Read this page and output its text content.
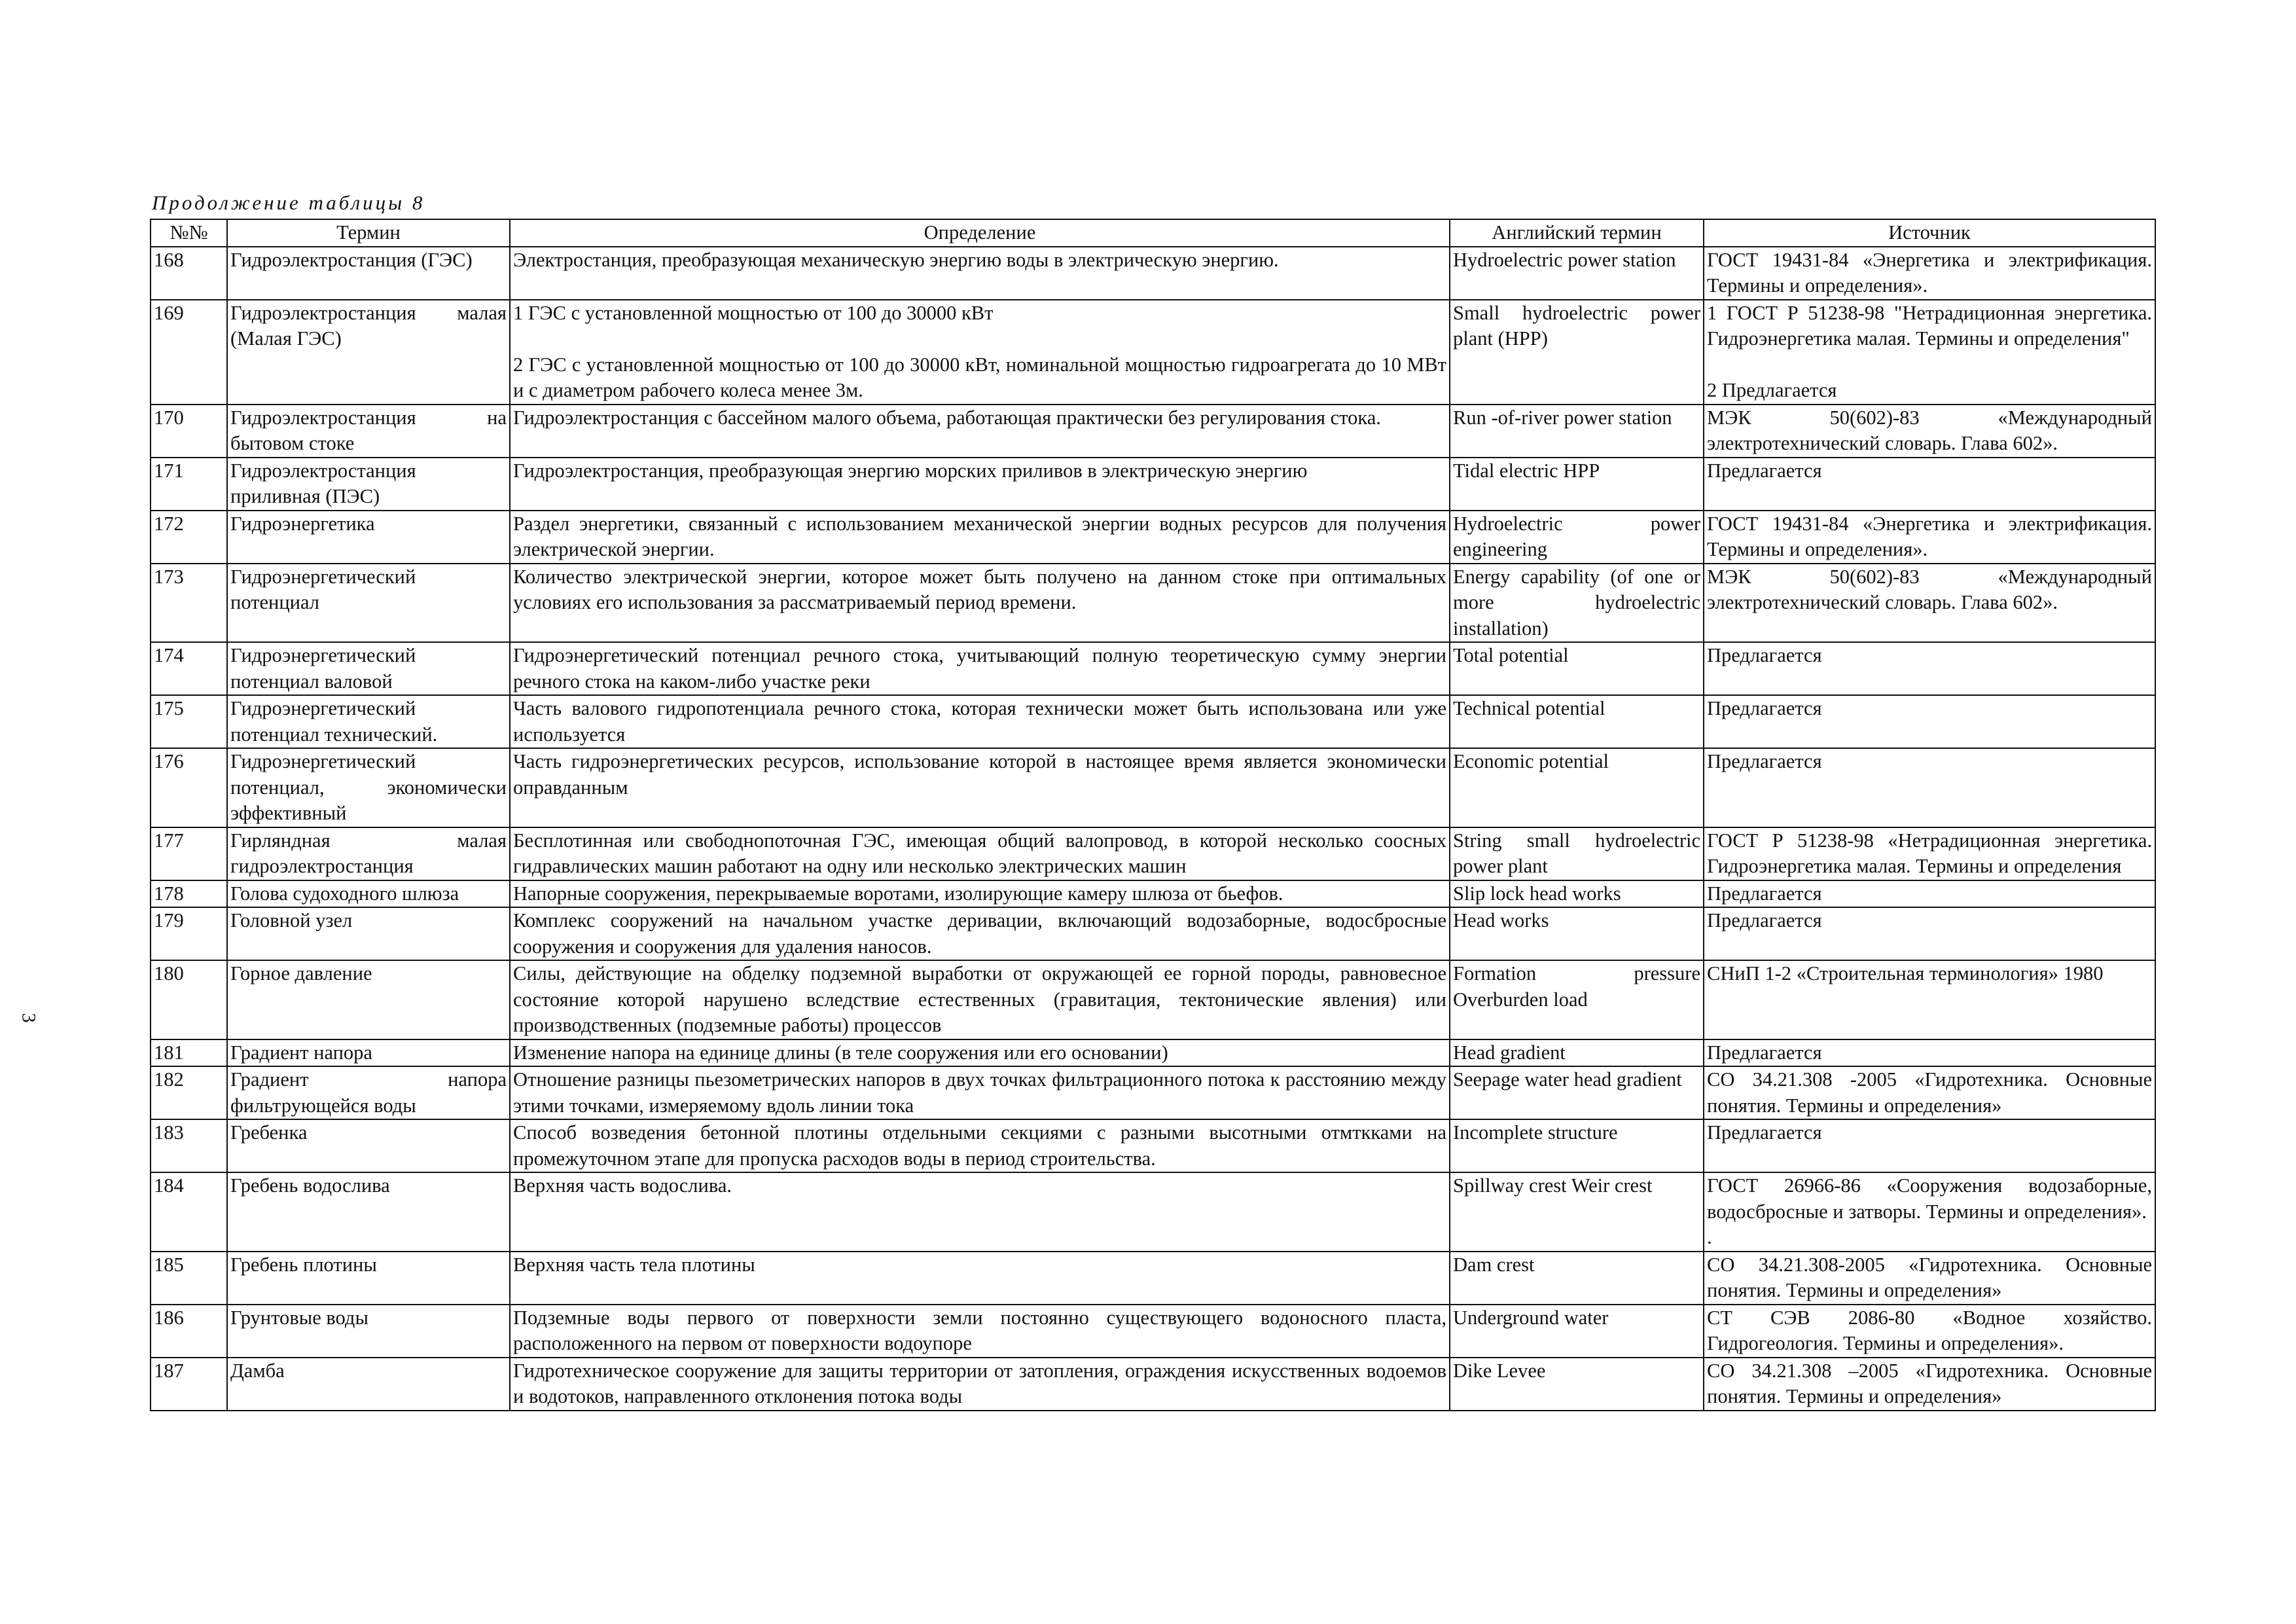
Продолжение таблицы 8
3
№№	Термин	Определение	Английский термин	Источник
168	Гидроэлектростанция (ГЭС)	Электростанция, преобразующая механическую энергию воды в электрическую энергию.	Hydroelectric power station	ГОСТ 19431-84 «Энергетика и электрификация. Термины и определения».
169	Гидроэлектростанция малая (Малая ГЭС)	1 ГЭС с установленной мощностью от 100 до 30000 кВт

2 ГЭС с установленной мощностью от 100 до 30000 кВт, номинальной мощностью гидроагрегата до 10 МВт и с диаметром рабочего колеса менее 3м.	Small hydroelectric power plant (HPP)	1 ГОСТ Р 51238-98 "Нетрадиционная энергетика. Гидроэнергетика малая. Термины и определения"

2 Предлагается
170	Гидроэлектростанция на бытовом стоке	Гидроэлектростанция с бассейном малого объема, работающая практически без регулирования стока.	Run -of-river power station	МЭК 50(602)-83 «Международный электротехнический словарь. Глава 602».
171	Гидроэлектростанция приливная (ПЭС)	Гидроэлектростанция, преобразующая энергию морских приливов в электрическую энергию	Tidal electric HPP	Предлагается
172	Гидроэнергетика	Раздел энергетики, связанный с использованием механической энергии водных ресурсов для получения электрической энергии.	Hydroelectric power engineering	ГОСТ 19431-84 «Энергетика и электрификация. Термины и определения».
173	Гидроэнергетический потенциал	Количество электрической энергии, которое может быть получено на данном стоке при оптимальных условиях его использования за рассматриваемый период времени.	Energy capability (of one or more hydroelectric installation)	МЭК 50(602)-83 «Международный электротехнический словарь. Глава 602».
174	Гидроэнергетический потенциал валовой	Гидроэнергетический потенциал речного стока, учитывающий полную теоретическую сумму энергии речного стока на каком-либо участке реки	Total potential	Предлагается
175	Гидроэнергетический потенциал технический.	Часть валового гидропотенциала речного стока, которая технически может быть использована или уже используется	Technical potential	Предлагается
176	Гидроэнергетический потенциал, экономически эффективный	Часть гидроэнергетических ресурсов, использование которой в настоящее время является экономически оправданным	Economic potential	Предлагается
177	Гирляндная малая гидроэлектростанция	Бесплотинная или свободнопоточная ГЭС, имеющая общий валопровод, в которой несколько соосных гидравлических машин работают на одну или несколько электрических машин	String small hydroelectric power plant	ГОСТ Р 51238-98 «Нетрадиционная энергетика. Гидроэнергетика малая. Термины и определения
178	Голова судоходного шлюза	Напорные сооружения, перекрываемые воротами, изолирующие камеру шлюза от бьефов.	Slip lock head works	Предлагается
179	Головной узел	Комплекс сооружений на начальном участке деривации, включающий водозаборные, водосбросные сооружения и сооружения для удаления наносов.	Head works	Предлагается
180	Горное давление	Силы, действующие на обделку подземной выработки от окружающей ее горной породы, равновесное состояние которой нарушено вследствие естественных (гравитация, тектонические явления) или производственных (подземные работы) процессов	Formation pressure Overburden load	СНиП 1-2 «Строительная терминология» 1980
181	Градиент напора	Изменение напора на единице длины (в теле сооружения или его основании)	Head gradient	Предлагается
182	Градиент напора фильтрующейся воды	Отношение разницы пьезометрических напоров в двух точках фильтрационного потока к расстоянию между этими точками, измеряемому вдоль линии тока	Seepage water head gradient	СО 34.21.308 -2005 «Гидротехника. Основные понятия. Термины и определения»
183	Гребенка	Способ возведения бетонной плотины отдельными секциями с разными высотными отмткками на промежуточном этапе для пропуска расходов воды в период строительства.	Incomplete structure	Предлагается
184	Гребень водослива	Верхняя часть водослива.	Spillway crest Weir crest	ГОСТ 26966-86 «Сооружения водозаборные, водосбросные и затворы. Термины и определения».
.
185	Гребень плотины	Верхняя часть тела плотины	Dam crest	СО 34.21.308-2005 «Гидротехника. Основные понятия. Термины и определения»
186	Грунтовые воды	Подземные воды первого от поверхности земли постоянно существующего водоносного пласта, расположенного на первом от поверхности водоупоре	Underground water	СТ СЭВ 2086-80 «Водное хозяйство. Гидрогеология. Термины и определения».
187	Дамба	Гидротехническое сооружение для защиты территории от затопления, ограждения искусственных водоемов и водотоков, направленного отклонения потока воды	Dike Levee	СО 34.21.308 –2005 «Гидротехника. Основные понятия. Термины и определения»
